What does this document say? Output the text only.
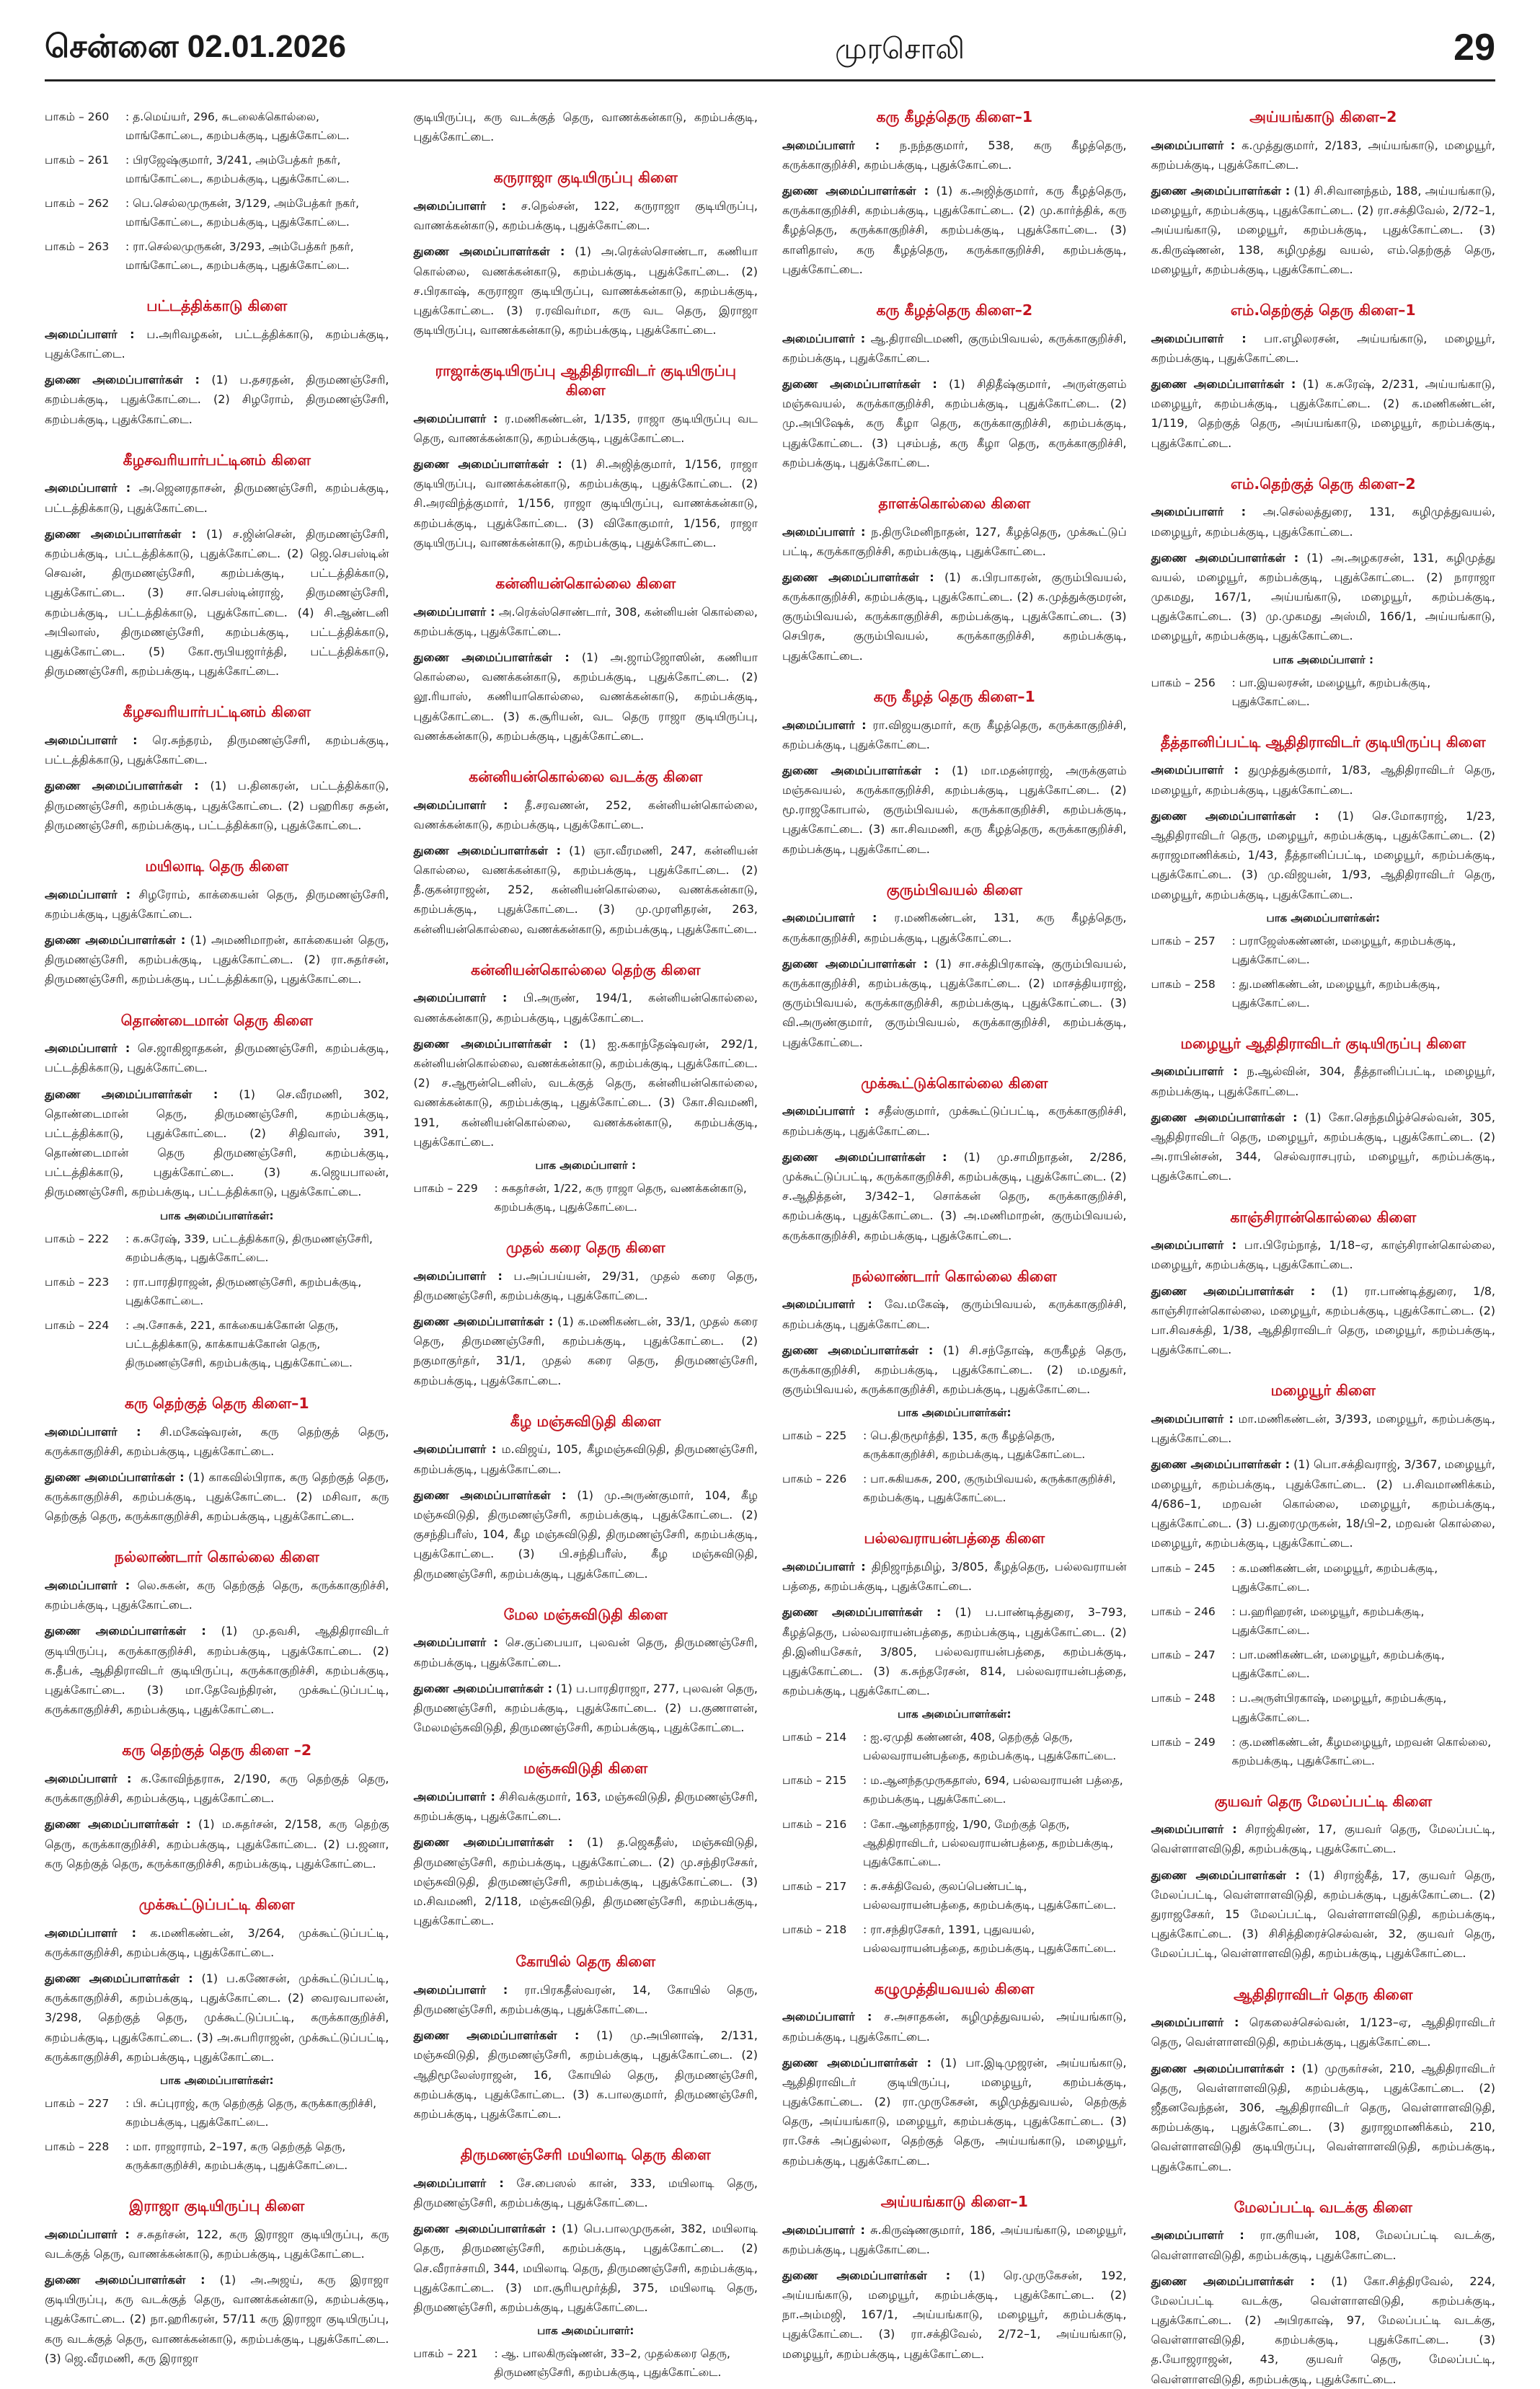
சென்னை 02.01.2026	முரசொலி	29
பாகம் – 260	: த.மெய்யர், 296, சுடலைக்கொல்லை, மாங்கோட்டை, கறம்பக்குடி, புதுக்கோட்டை.
பாகம் – 261	: பிரஜேஷ்குமார், 3/241, அம்பேத்கர் நகர், மாங்கோட்டை, கறம்பக்குடி, புதுக்கோட்டை.
பாகம் – 262	: பெ.செல்லமுருகன், 3/129, அம்பேத்கர் நகர், மாங்கோட்டை, கறம்பக்குடி, புதுக்கோட்டை.
பாகம் – 263	: ரா.செல்லமுருகன், 3/293, அம்பேத்கர் நகர், மாங்கோட்டை, கறம்பக்குடி, புதுக்கோட்டை.
பட்டத்திக்காடு கிளை

அமைப்பாளர் : ப.அரிவழகன், பட்டத்திக்காடு, கறம்பக்குடி, புதுக்கோட்டை.

துணை அமைப்பாளர்கள் : (1) ப.தசரதன், திருமணஞ்சேரி, கறம்பக்குடி, புதுக்கோட்டை. (2) சிழரோம், திருமணஞ்சேரி, கறம்பக்குடி, புதுக்கோட்டை.

கீழசவரியார்பட்டினம் கிளை

அமைப்பாளர் : அ.ஜெனரதாசன், திருமணஞ்சேரி, கறம்பக்குடி, பட்டத்திக்காடு, புதுக்கோட்டை.

துணை அமைப்பாளர்கள் : (1) ச.ஜின்சென், திருமணஞ்சேரி, கறம்பக்குடி, பட்டத்திக்காடு, புதுக்கோட்டை. (2) ஜெ.செபஸ்டின் செவன், திருமணஞ்சேரி, கறம்பக்குடி, பட்டத்திக்காடு, புதுக்கோட்டை. (3) சா.செபஸ்டின்ராஜ், திருமணஞ்சேரி, கறம்பக்குடி, பட்டத்திக்காடு, புதுக்கோட்டை. (4) சி.ஆண்டனி அபிலாஸ், திருமணஞ்சேரி, கறம்பக்குடி, பட்டத்திக்காடு, புதுக்கோட்டை. (5) கோ.ரூபியஜார்த்தி, பட்டத்திக்காடு, திருமணஞ்சேரி, கறம்பக்குடி, புதுக்கோட்டை.

கீழசவரியார்பட்டினம் கிளை

அமைப்பாளர் : ரெ.சுந்தரம், திருமணஞ்சேரி, கறம்பக்குடி, பட்டத்திக்காடு, புதுக்கோட்டை.

துணை அமைப்பாளர்கள் : (1) ப.தினகரன், பட்டத்திக்காடு, திருமணஞ்சேரி, கறம்பக்குடி, புதுக்கோட்டை. (2) பஹரிகர சுதன், திருமணஞ்சேரி, கறம்பக்குடி, பட்டத்திக்காடு, புதுக்கோட்டை.

மயிலாடி தெரு கிளை

அமைப்பாளர் : சிழரோம், காக்கையன் தெரு, திருமணஞ்சேரி, கறம்பக்குடி, புதுக்கோட்டை.

துணை அமைப்பாளர்கள் : (1) அமணிமாறன், காக்கையன் தெரு, திருமணஞ்சேரி, கறம்பக்குடி, புதுக்கோட்டை. (2) ரா.சுதர்சன், திருமணஞ்சேரி, கறம்பக்குடி, பட்டத்திக்காடு, புதுக்கோட்டை.

தொண்டைமான் தெரு கிளை

அமைப்பாளர் : செ.ஜாகிஜாதகன், திருமணஞ்சேரி, கறம்பக்குடி, பட்டத்திக்காடு, புதுக்கோட்டை.

துணை அமைப்பாளர்கள் : (1) செ.வீரமணி, 302, தொண்டைமான் தெரு, திருமணஞ்சேரி, கறம்பக்குடி, பட்டத்திக்காடு, புதுக்கோட்டை. (2) சிதிவாஸ், 391, தொண்டைமான் தெரு திருமணஞ்சேரி, கறம்பக்குடி, பட்டத்திக்காடு, புதுக்கோட்டை. (3) க.ஜெயபாலன், திருமணஞ்சேரி, கறம்பக்குடி, பட்டத்திக்காடு, புதுக்கோட்டை.

பாக அமைப்பாளர்கள்:
பாகம் – 222	: க.சுரேஷ், 339, பட்டத்திக்காடு, திருமணஞ்சேரி, கறம்பக்குடி, புதுக்கோட்டை.
பாகம் – 223	: ரா.பாரதிராஜன், திருமணஞ்சேரி, கறம்பக்குடி, புதுக்கோட்டை.
பாகம் – 224	: அ.சோசுக், 221, காக்கையக்கோன் தெரு, பட்டத்திக்காடு, காக்காயக்கோன் தெரு, திருமணஞ்சேரி, கறம்பக்குடி, புதுக்கோட்டை.
கரு தெற்குத் தெரு கிளை–1

அமைப்பாளர் : சி.மகேஷ்வரன், கரு தெற்குத் தெரு, கருக்காகுறிச்சி, கறம்பக்குடி, புதுக்கோட்டை.

துணை அமைப்பாளர்கள் : (1) காகவில்பிராக, கரு தெற்குத் தெரு, கருக்காகுறிச்சி, கறம்பக்குடி, புதுக்கோட்டை. (2) மசிவா, கரு தெற்குத் தெரு, கருக்காகுறிச்சி, கறம்பக்குடி, புதுக்கோட்டை.

நல்லாண்டார் கொல்லை கிளை

அமைப்பாளர் : லெ.சுகன், கரு தெற்குத் தெரு, கருக்காகுறிச்சி, கறம்பக்குடி, புதுக்கோட்டை.

துணை அமைப்பாளர்கள் : (1) மு.தவசி, ஆதிதிராவிடர் குடியிருப்பு, கருக்காகுறிச்சி, கறம்பக்குடி, புதுக்கோட்டை. (2) க.தீபக், ஆதிதிராவிடர் குடியிருப்பு, கருக்காகுறிச்சி, கறம்பக்குடி, புதுக்கோட்டை. (3) மா.தேவேந்திரன், முக்கூட்டுப்பட்டி, கருக்காகுறிச்சி, கறம்பக்குடி, புதுக்கோட்டை.

கரு தெற்குத் தெரு கிளை –2

அமைப்பாளர் : க.கோவிந்தராசு, 2/190, கரு தெற்குத் தெரு, கருக்காகுறிச்சி, கறம்பக்குடி, புதுக்கோட்டை.

துணை அமைப்பாளர்கள் : (1) ம.சுதர்சன், 2/158, கரு தெற்கு தெரு, கருக்காகுறிச்சி, கறம்பக்குடி, புதுக்கோட்டை. (2) ப.ஜனா, கரு தெற்குத் தெரு, கருக்காகுறிச்சி, கறம்பக்குடி, புதுக்கோட்டை.

முக்கூட்டுப்பட்டி கிளை

அமைப்பாளர் : க.மணிகண்டன், 3/264, முக்கூட்டுப்பட்டி, கருக்காகுறிச்சி, கறம்பக்குடி, புதுக்கோட்டை.

துணை அமைப்பாளர்கள் : (1) ப.கணேசன், முக்கூட்டுப்பட்டி, கருக்காகுறிச்சி, கறம்பக்குடி, புதுக்கோட்டை. (2) வைரவபாலன், 3/298, தெற்குத் தெரு, முக்கூட்டுப்பட்டி, கருக்காகுறிச்சி, கறம்பக்குடி, புதுக்கோட்டை. (3) அ.சுபரிராஜன், முக்கூட்டுப்பட்டி, கருக்காகுறிச்சி, கறம்பக்குடி, புதுக்கோட்டை.

பாக அமைப்பாளர்கள்:
பாகம் – 227	: பி. சுப்புராஜ், கரு தெற்குத் தெரு, கருக்காகுறிச்சி, கறம்பக்குடி, புதுக்கோட்டை.
பாகம் – 228	: மா. ராஜாராம், 2–197, கரு தெற்குத் தெரு, கருக்காகுறிச்சி, கறம்பக்குடி, புதுக்கோட்டை.
இராஜா குடியிருப்பு கிளை

அமைப்பாளர் : ச.சுதர்சன், 122, கரு இராஜா குடியிருப்பு, கரு வடக்குத் தெரு, வாணக்கன்காடு, கறம்பக்குடி, புதுக்கோட்டை.

துணை அமைப்பாளர்கள் : (1) அ.அஜய், கரு இராஜா குடியிருப்பு, கரு வடக்குத் தெரு, வாணக்கன்காடு, கறம்பக்குடி, புதுக்கோட்டை. (2) நா.ஹரிகரன், 57/11 கரு இராஜா குடியிருப்பு, கரு வடக்குத் தெரு, வாணக்கன்காடு, கறம்பக்குடி, புதுக்கோட்டை. (3) ஜெ.வீரமணி, கரு இராஜா

குடியிருப்பு, கரு வடக்குத் தெரு, வாணக்கன்காடு, கறம்பக்குடி, புதுக்கோட்டை.

கருராஜா குடியிருப்பு கிளை

அமைப்பாளர் : ச.நெல்சன், 122, கருராஜா குடியிருப்பு, வாணக்கன்காடு, கறம்பக்குடி, புதுக்கோட்டை.

துணை அமைப்பாளர்கள் : (1) அ.ரெக்ஸ்சொண்டா, கணியா கொல்லை, வணக்கன்காடு, கறம்பக்குடி, புதுக்கோட்டை. (2) ச.பிரகாஷ், கருராஜா குடியிருப்பு, வாணக்கன்காடு, கறம்பக்குடி, புதுக்கோட்டை. (3) ர.ரவிவர்மா, கரு வட தெரு, இராஜா குடியிருப்பு, வாணக்கன்காடு, கறம்பக்குடி, புதுக்கோட்டை.

ராஜாக்குடியிருப்பு ஆதிதிராவிடர் குடியிருப்பு கிளை

அமைப்பாளர் : ர.மணிகண்டன், 1/135, ராஜா குடியிருப்பு வட தெரு, வாணக்கன்காடு, கறம்பக்குடி, புதுக்கோட்டை.

துணை அமைப்பாளர்கள் : (1) சி.அஜித்குமார், 1/156, ராஜா குடியிருப்பு, வாணக்கன்காடு, கறம்பக்குடி, புதுக்கோட்டை. (2) சி.அரவிந்த்குமார், 1/156, ராஜா குடியிருப்பு, வாணக்கன்காடு, கறம்பக்குடி, புதுக்கோட்டை. (3) விகோகுமார், 1/156, ராஜா குடியிருப்பு, வாணக்கன்காடு, கறம்பக்குடி, புதுக்கோட்டை.

கன்னியன்கொல்லை கிளை

அமைப்பாளர் : அ.ரெக்ஸ்சொண்டார், 308, கன்னியன் கொல்லை, கறம்பக்குடி, புதுக்கோட்டை.

துணை அமைப்பாளர்கள் : (1) அ.ஜாம்ஜோஸின், கணியா கொல்லை, வணக்கன்காடு, கறம்பக்குடி, புதுக்கோட்டை. (2) லூ.ரியாஸ், கணியாகொல்லை, வணக்கன்காடு, கறம்பக்குடி, புதுக்கோட்டை. (3) க.சூரியன், வட தெரு ராஜா குடியிருப்பு, வணக்கன்காடு, கறம்பக்குடி, புதுக்கோட்டை.

கன்னியன்கொல்லை வடக்கு கிளை

அமைப்பாளர் : தீ.சரவணன், 252, கன்னியன்கொல்லை, வணக்கன்காடு, கறம்பக்குடி, புதுக்கோட்டை.

துணை அமைப்பாளர்கள் : (1) ஞா.வீரமணி, 247, கன்னியன் கொல்லை, வணக்கன்காடு, கறம்பக்குடி, புதுக்கோட்டை. (2) தீ.குகன்ராஜன், 252, கன்னியன்கொல்லை, வணக்கன்காடு, கறம்பக்குடி, புதுக்கோட்டை. (3) மு.முரளிதரன், 263, கன்னியன்கொல்லை, வணக்கன்காடு, கறம்பக்குடி, புதுக்கோட்டை.

கன்னியன்கொல்லை தெற்கு கிளை

அமைப்பாளர் : பி.அருண், 194/1, கன்னியன்கொல்லை, வணக்கன்காடு, கறம்பக்குடி, புதுக்கோட்டை.

துணை அமைப்பாளர்கள் : (1) ஐ.சுகாந்தேஷ்வரன், 292/1, கன்னியன்கொல்லை, வணக்கன்காடு, கறம்பக்குடி, புதுக்கோட்டை. (2) ச.ஆரூன்டெனிஸ், வடக்குத் தெரு, கன்னியன்கொல்லை, வணக்கன்காடு, கறம்பக்குடி, புதுக்கோட்டை. (3) கோ.சிவமணி, 191, கன்னியன்கொல்லை, வணக்கன்காடு, கறம்பக்குடி, புதுக்கோட்டை.

பாக அமைப்பாளர் :
பாகம் – 229	: சுகதர்சன், 1/22, கரு ராஜா தெரு, வணக்கன்காடு, கறம்பக்குடி, புதுக்கோட்டை.
முதல் கரை தெரு கிளை

அமைப்பாளர் : ப.அப்பய்யன், 29/31, முதல் கரை தெரு, திருமணஞ்சேரி, கறம்பக்குடி, புதுக்கோட்டை.

துணை அமைப்பாளர்கள் : (1) க.மணிகண்டன், 33/1, முதல் கரை தெரு, திருமணஞ்சேரி, கறம்பக்குடி, புதுக்கோட்டை. (2) நகுமாகுர்தர், 31/1, முதல் கரை தெரு, திருமணஞ்சேரி, கறம்பக்குடி, புதுக்கோட்டை.

கீழ மஞ்சுவிடுதி கிளை

அமைப்பாளர் : ம.விஜய், 105, கீழமஞ்சுவிடுதி, திருமணஞ்சேரி, கறம்பக்குடி, புதுக்கோட்டை.

துணை அமைப்பாளர்கள் : (1) மு.அருண்குமார், 104, கீழ மஞ்சுவிடுதி, திருமணஞ்சேரி, கறம்பக்குடி, புதுக்கோட்டை. (2) குசந்திபரீஸ், 104, கீழ மஞ்சுவிடுதி, திருமணஞ்சேரி, கறம்பக்குடி, புதுக்கோட்டை. (3) பி.சந்திபரீஸ், கீழ மஞ்சுவிடுதி, திருமணஞ்சேரி, கறம்பக்குடி, புதுக்கோட்டை.

மேல மஞ்சுவிடுதி கிளை

அமைப்பாளர் : செ.குப்பையா, புலவன் தெரு, திருமணஞ்சேரி, கறம்பக்குடி, புதுக்கோட்டை.

துணை அமைப்பாளர்கள் : (1) ப.பாரதிராஜா, 277, புலவன் தெரு, திருமணஞ்சேரி, கறம்பக்குடி, புதுக்கோட்டை. (2) ப.குணாளன், மேலமஞ்சுவிடுதி, திருமணஞ்சேரி, கறம்பக்குடி, புதுக்கோட்டை.

மஞ்சுவிடுதி கிளை

அமைப்பாளர் : சிசிவக்குமார், 163, மஞ்சுவிடுதி, திருமணஞ்சேரி, கறம்பக்குடி, புதுக்கோட்டை.

துணை அமைப்பாளர்கள் : (1) த.ஜெகதீஸ், மஞ்சுவிடுதி, திருமணஞ்சேரி, கறம்பக்குடி, புதுக்கோட்டை. (2) மு.சந்திரசேகர், மஞ்சுவிடுதி, திருமணஞ்சேரி, கறம்பக்குடி, புதுக்கோட்டை. (3) ம.சிவமணி, 2/118, மஞ்சுவிடுதி, திருமணஞ்சேரி, கறம்பக்குடி, புதுக்கோட்டை.

கோயில் தெரு கிளை

அமைப்பாளர் : ரா.பிரகதீஸ்வரன், 14, கோயில் தெரு, திருமணஞ்சேரி, கறம்பக்குடி, புதுக்கோட்டை.

துணை அமைப்பாளர்கள் : (1) மு.அபினாஷ், 2/131, மஞ்சுவிடுதி, திருமணஞ்சேரி, கறம்பக்குடி, புதுக்கோட்டை. (2) ஆதிமூலேஸ்ராஜன், 16, கோயில் தெரு, திருமணஞ்சேரி, கறம்பக்குடி, புதுக்கோட்டை. (3) க.பாலகுமார், திருமணஞ்சேரி, கறம்பக்குடி, புதுக்கோட்டை.

திருமணஞ்சேரி மயிலாடி தெரு கிளை

அமைப்பாளர் : சே.பைஸல் கான், 333, மயிலாடி தெரு, திருமணஞ்சேரி, கறம்பக்குடி, புதுக்கோட்டை.

துணை அமைப்பாளர்கள் : (1) பெ.பாலமுருகன், 382, மயிலாடி தெரு, திருமணஞ்சேரி, கறம்பக்குடி, புதுக்கோட்டை. (2) செ.வீராச்சாமி, 344, மயிலாடி தெரு, திருமணஞ்சேரி, கறம்பக்குடி, புதுக்கோட்டை. (3) மா.சூரியமூர்த்தி, 375, மயிலாடி தெரு, திருமணஞ்சேரி, கறம்பக்குடி, புதுக்கோட்டை.

பாக அமைப்பாளர்:
பாகம் – 221	: ஆ. பாலகிருஷ்ணன், 33–2, முதல்கரை தெரு, திருமணஞ்சேரி, கறம்பக்குடி, புதுக்கோட்டை.
கரு கீழத்தெரு கிளை–1

அமைப்பாளர் : ந.நந்தகுமார், 538, கரு கீழத்தெரு, கருக்காகுறிச்சி, கறம்பக்குடி, புதுக்கோட்டை.

துணை அமைப்பாளர்கள் : (1) க.அஜித்குமார், கரு கீழத்தெரு, கருக்காகுறிச்சி, கறம்பக்குடி, புதுக்கோட்டை. (2) மு.கார்த்திக், கரு கீழத்தெரு, கருக்காகுறிச்சி, கறம்பக்குடி, புதுக்கோட்டை. (3) காளிதாஸ், கரு கீழத்தெரு, கருக்காகுறிச்சி, கறம்பக்குடி, புதுக்கோட்டை.

கரு கீழத்தெரு கிளை–2

அமைப்பாளர் : ஆ.திராவிடமணி, குரும்பிவயல், கருக்காகுறிச்சி, கறம்பக்குடி, புதுக்கோட்டை.

துணை அமைப்பாளர்கள் : (1) சிதிதீஷ்குமார், அருள்குளம் மஞ்சுவயல், கருக்காகுறிச்சி, கறம்பக்குடி, புதுக்கோட்டை. (2) மு.அபிஷேக், கரு கீழா தெரு, கருக்காகுறிச்சி, கறம்பக்குடி, புதுக்கோட்டை. (3) புசம்பத், கரு கீழா தெரு, கருக்காகுறிச்சி, கறம்பக்குடி, புதுக்கோட்டை.

தாளக்கொல்லை கிளை

அமைப்பாளர் : ந.திருமேனிநாதன், 127, கீழத்தெரு, முக்கூட்டுப் பட்டி, கருக்காகுறிச்சி, கறம்பக்குடி, புதுக்கோட்டை.

துணை அமைப்பாளர்கள் : (1) க.பிரபாகரன், குரும்பிவயல், கருக்காகுறிச்சி, கறம்பக்குடி, புதுக்கோட்டை. (2) க.முத்துக்குமரன், குரும்பிவயல், கருக்காகுறிச்சி, கறம்பக்குடி, புதுக்கோட்டை. (3) செபிரசு, குரும்பிவயல், கருக்காகுறிச்சி, கறம்பக்குடி, புதுக்கோட்டை.

கரு கீழத் தெரு கிளை–1

அமைப்பாளர் : ரா.விஜயகுமார், கரு கீழத்தெரு, கருக்காகுறிச்சி, கறம்பக்குடி, புதுக்கோட்டை.

துணை அமைப்பாளர்கள் : (1) மா.மதன்ராஜ், அருக்குளம் மஞ்சுவயல், கருக்காகுறிச்சி, கறம்பக்குடி, புதுக்கோட்டை. (2) மூ.ராஜகோபால், குரும்பிவயல், கருக்காகுறிச்சி, கறம்பக்குடி, புதுக்கோட்டை. (3) கா.சிவமணி, கரு கீழத்தெரு, கருக்காகுறிச்சி, கறம்பக்குடி, புதுக்கோட்டை.

குரும்பிவயல் கிளை

அமைப்பாளர் : ர.மணிகண்டன், 131, கரு கீழத்தெரு, கருக்காகுறிச்சி, கறம்பக்குடி, புதுக்கோட்டை.

துணை அமைப்பாளர்கள் : (1) சா.சக்திபிரகாஷ், குரும்பிவயல், கருக்காகுறிச்சி, கறம்பக்குடி, புதுக்கோட்டை. (2) மாசத்தியராஜ், குரும்பிவயல், கருக்காகுறிச்சி, கறம்பக்குடி, புதுக்கோட்டை. (3) வி.அருண்குமார், குரும்பிவயல், கருக்காகுறிச்சி, கறம்பக்குடி, புதுக்கோட்டை.

முக்கூட்டுக்கொல்லை கிளை

அமைப்பாளர் : சதீஸ்குமார், முக்கூட்டுப்பட்டி, கருக்காகுறிச்சி, கறம்பக்குடி, புதுக்கோட்டை.

துணை அமைப்பாளர்கள் : (1) மு.சாமிநாதன், 2/286, முக்கூட்டுப்பட்டி, கருக்காகுறிச்சி, கறம்பக்குடி, புதுக்கோட்டை. (2) ச.ஆதித்தன், 3/342–1, சொக்கன் தெரு, கருக்காகுறிச்சி, கறம்பக்குடி, புதுக்கோட்டை. (3) அ.மணிமாறன், குரும்பிவயல், கருக்காகுறிச்சி, கறம்பக்குடி, புதுக்கோட்டை.

நல்லாண்டார் கொல்லை கிளை

அமைப்பாளர் : வே.மகேஷ், குரும்பிவயல், கருக்காகுறிச்சி, கறம்பக்குடி, புதுக்கோட்டை.

துணை அமைப்பாளர்கள் : (1) சி.சந்தோஷ், கருகீழத் தெரு, கருக்காகுறிச்சி, கறம்பக்குடி, புதுக்கோட்டை. (2) ம.மதுகர், குரும்பிவயல், கருக்காகுறிச்சி, கறம்பக்குடி, புதுக்கோட்டை.

பாக அமைப்பாளர்கள்:
பாகம் – 225	: பெ.திருமூர்த்தி, 135, கரு கீழத்தெரு, கருக்காகுறிச்சி, கறம்பக்குடி, புதுக்கோட்டை.
பாகம் – 226	: பா.சுகியசுசு, 200, குரும்பிவயல், கருக்காகுறிச்சி, கறம்பக்குடி, புதுக்கோட்டை.
பல்லவராயன்பத்தை கிளை

அமைப்பாளர் : திநிஜாந்தமிழ், 3/805, கீழத்தெரு, பல்லவராயன் பத்தை, கறம்பக்குடி, புதுக்கோட்டை.

துணை அமைப்பாளர்கள் : (1) ப.பாண்டித்துரை, 3–793, கீழத்தெரு, பல்லவராயன்பத்தை, கறம்பக்குடி, புதுக்கோட்டை. (2) தி.இனியசேகர், 3/805, பல்லவராயன்பத்தை, கறம்பக்குடி, புதுக்கோட்டை. (3) க.சுந்தரேசன், 814, பல்லவராயன்பத்தை, கறம்பக்குடி, புதுக்கோட்டை.

பாக அமைப்பாளர்கள்:
பாகம் – 214	: ஐ.ஏமுதி கண்ணன், 408, தெற்குத் தெரு, பல்லவராயன்பத்தை, கறம்பக்குடி, புதுக்கோட்டை.
பாகம் – 215	: ம.ஆனந்தமுருகதாஸ், 694, பல்லவராயன் பத்தை, கறம்பக்குடி, புதுக்கோட்டை.
பாகம் – 216	: கோ.ஆனந்தராஜ், 1/90, மேற்குத் தெரு, ஆதிதிராவிடர், பல்லவராயன்பத்தை, கறம்பக்குடி, புதுக்கோட்டை.
பாகம் – 217	: சு.சக்திவேல், குலப்பெண்பட்டி, பல்லவராயன்பத்தை, கறம்பக்குடி, புதுக்கோட்டை.
பாகம் – 218	: ரா.சந்திரசேகர், 1391, புதுவயல், பல்லவராயன்பத்தை, கறம்பக்குடி, புதுக்கோட்டை.
கழுமுத்தியவயல் கிளை

அமைப்பாளர் : ச.அசாதகன், கழிமுத்துவயல், அய்யங்காடு, கறம்பக்குடி, புதுக்கோட்டை.

துணை அமைப்பாளர்கள் : (1) பா.இடிமுஜரன், அய்யங்காடு, ஆதிதிராவிடர் குடியிருப்பு, மழையூர், கறம்பக்குடி, புதுக்கோட்டை. (2) ரா.முருகேசன், கழிமுத்துவயல், தெற்குத் தெரு, அய்யங்காடு, மழையூர், கறம்பக்குடி, புதுக்கோட்டை. (3) ரா.சேக் அப்துல்லா, தெற்குத் தெரு, அய்யங்காடு, மழையூர், கறம்பக்குடி, புதுக்கோட்டை.

அய்யங்காடு கிளை–1

அமைப்பாளர் : சு.கிருஷ்ணகுமார், 186, அய்யங்காடு, மழையூர், கறம்பக்குடி, புதுக்கோட்டை.

துணை அமைப்பாளர்கள் : (1) ரெ.முருகேசன், 192, அய்யங்காடு, மழையூர், கறம்பக்குடி, புதுக்கோட்டை. (2) நா.அம்மஜி, 167/1, அய்யங்காடு, மழையூர், கறம்பக்குடி, புதுக்கோட்டை. (3) ரா.சக்திவேல், 2/72–1, அய்யங்காடு, மழையூர், கறம்பக்குடி, புதுக்கோட்டை.

அய்யங்காடு கிளை–2

அமைப்பாளர் : க.முத்துகுமார், 2/183, அய்யங்காடு, மழையூர், கறம்பக்குடி, புதுக்கோட்டை.

துணை அமைப்பாளர்கள் : (1) சி.சிவானந்தம், 188, அய்யங்காடு, மழையூர், கறம்பக்குடி, புதுக்கோட்டை. (2) ரா.சக்திவேல், 2/72–1, அய்யங்காடு, மழையூர், கறம்பக்குடி, புதுக்கோட்டை. (3) க.கிருஷ்ணன், 138, கழிமுத்து வயல், எம்.தெற்குத் தெரு, மழையூர், கறம்பக்குடி, புதுக்கோட்டை.

எம்.தெற்குத் தெரு கிளை–1

அமைப்பாளர் : பா.எழிலரசன், அய்யங்காடு, மழையூர், கறம்பக்குடி, புதுக்கோட்டை.

துணை அமைப்பாளர்கள் : (1) க.சுரேஷ், 2/231, அய்யங்காடு, மழையூர், கறம்பக்குடி, புதுக்கோட்டை. (2) க.மணிகண்டன், 1/119, தெற்குத் தெரு, அய்யங்காடு, மழையூர், கறம்பக்குடி, புதுக்கோட்டை.

எம்.தெற்குத் தெரு கிளை–2

அமைப்பாளர் : அ.செல்லத்துரை, 131, கழிமுத்துவயல், மழையூர், கறம்பக்குடி, புதுக்கோட்டை.

துணை அமைப்பாளர்கள் : (1) அ.அழகரசன், 131, கழிமுத்து வயல், மழையூர், கறம்பக்குடி, புதுக்கோட்டை. (2) நாராஜா முகமது, 167/1, அய்யங்காடு, மழையூர், கறம்பக்குடி, புதுக்கோட்டை. (3) மு.முகமது அஸ்மி, 166/1, அய்யங்காடு, மழையூர், கறம்பக்குடி, புதுக்கோட்டை.

பாக அமைப்பாளர் :
பாகம் – 256	: பா.இயலரசன், மழையூர், கறம்பக்குடி, புதுக்கோட்டை.
தீத்தானிப்பட்டி ஆதிதிராவிடர் குடியிருப்பு கிளை

அமைப்பாளர் : துமுத்துக்குமார், 1/83, ஆதிதிராவிடர் தெரு, மழையூர், கறம்பக்குடி, புதுக்கோட்டை.

துணை அமைப்பாளர்கள் : (1) செ.மோகராஜ், 1/23, ஆதிதிராவிடர் தெரு, மழையூர், கறம்பக்குடி, புதுக்கோட்டை. (2) சுராஜமாணிக்கம், 1/43, தீத்தானிப்பட்டி, மழையூர், கறம்பக்குடி, புதுக்கோட்டை. (3) மு.விஜயன், 1/93, ஆதிதிராவிடர் தெரு, மழையூர், கறம்பக்குடி, புதுக்கோட்டை.

பாக அமைப்பாளர்கள்:
பாகம் – 257	: பராஜேஸ்கண்ணன், மழையூர், கறம்பக்குடி, புதுக்கோட்டை.
பாகம் – 258	: து.மணிகண்டன், மழையூர், கறம்பக்குடி, புதுக்கோட்டை.
மழையூர் ஆதிதிராவிடர் குடியிருப்பு கிளை

அமைப்பாளர் : ந.ஆல்வின், 304, தீத்தானிப்பட்டி, மழையூர், கறம்பக்குடி, புதுக்கோட்டை.

துணை அமைப்பாளர்கள் : (1) கோ.செந்தமிழ்ச்செல்வன், 305, ஆதிதிராவிடர் தெரு, மழையூர், கறம்பக்குடி, புதுக்கோட்டை. (2) அ.ராபின்சன், 344, செல்வராசபுரம், மழையூர், கறம்பக்குடி, புதுக்கோட்டை.

காஞ்சிரான்கொல்லை கிளை

அமைப்பாளர் : பா.பிரேம்நாத், 1/18–ஏ, காஞ்சிரான்கொல்லை, மழையூர், கறம்பக்குடி, புதுக்கோட்டை.

துணை அமைப்பாளர்கள் : (1) ரா.பாண்டித்துரை, 1/8, காஞ்சிரான்கொல்லை, மழையூர், கறம்பக்குடி, புதுக்கோட்டை. (2) பா.சிவசக்தி, 1/38, ஆதிதிராவிடர் தெரு, மழையூர், கறம்பக்குடி, புதுக்கோட்டை.

மழையூர் கிளை

அமைப்பாளர் : மா.மணிகண்டன், 3/393, மழையூர், கறம்பக்குடி, புதுக்கோட்டை.

துணை அமைப்பாளர்கள் : (1) பொ.சக்திவராஜ், 3/367, மழையூர், மழையூர், கறம்பக்குடி, புதுக்கோட்டை. (2) ப.சிவமாணிக்கம், 4/686–1, மறவன் கொல்லை, மழையூர், கறம்பக்குடி, புதுக்கோட்டை. (3) ப.துரைமுருகன், 18/பி–2, மறவன் கொல்லை, மழையூர், கறம்பக்குடி, புதுக்கோட்டை.

பாகம் – 245	: க.மணிகண்டன், மழையூர், கறம்பக்குடி, புதுக்கோட்டை.
பாகம் – 246	: ப.ஹரிஹரன், மழையூர், கறம்பக்குடி, புதுக்கோட்டை.
பாகம் – 247	: பா.மணிகண்டன், மழையூர், கறம்பக்குடி, புதுக்கோட்டை.
பாகம் – 248	: ப.அருள்பிரகாஷ், மழையூர், கறம்பக்குடி, புதுக்கோட்டை.
பாகம் – 249	: கு.மணிகண்டன், கீழமழையூர், மறவன் கொல்லை, கறம்பக்குடி, புதுக்கோட்டை.
குயவர் தெரு மேலப்பட்டி கிளை

அமைப்பாளர் : சிராஜ்கிரண், 17, குயவர் தெரு, மேலப்பட்டி, வெள்ளாளவிடுதி, கறம்பக்குடி, புதுக்கோட்டை.

துணை அமைப்பாளர்கள் : (1) சிராஜ்கீத், 17, குயவர் தெரு, மேலப்பட்டி, வெள்ளாளவிடுதி, கறம்பக்குடி, புதுக்கோட்டை. (2) துராஜசேகர், 15 மேலப்பட்டி, வெள்ளாளவிடுதி, கறம்பக்குடி, புதுக்கோட்டை. (3) சிசித்திரைச்செல்வன், 32, குயவர் தெரு, மேலப்பட்டி, வெள்ளாளவிடுதி, கறம்பக்குடி, புதுக்கோட்டை.

ஆதிதிராவிடர் தெரு கிளை

அமைப்பாளர் : ரெகலைச்செல்வன், 1/123–ஏ, ஆதிதிராவிடர் தெரு, வெள்ளாளவிடுதி, கறம்பக்குடி, புதுக்கோட்டை.

துணை அமைப்பாளர்கள் : (1) முருகர்சன், 210, ஆதிதிராவிடர் தெரு, வெள்ளாளவிடுதி, கறம்பக்குடி, புதுக்கோட்டை. (2) ஜீதனவேந்தன், 306, ஆதிதிராவிடர் தெரு, வெள்ளாளவிடுதி, கறம்பக்குடி, புதுக்கோட்டை. (3) துராஜமாணிக்கம், 210, வெள்ளாளவிடுதி குடியிருப்பு, வெள்ளாளவிடுதி, கறம்பக்குடி, புதுக்கோட்டை.

மேலப்பட்டி வடக்கு கிளை

அமைப்பாளர் : ரா.குரியன், 108, மேலப்பட்டி வடக்கு, வெள்ளாளவிடுதி, கறம்பக்குடி, புதுக்கோட்டை.

துணை அமைப்பாளர்கள் : (1) கோ.சித்திரவேல், 224, மேலப்பட்டி வடக்கு, வெள்ளாளவிடுதி, கறம்பக்குடி, புதுக்கோட்டை. (2) அபிரகாஷ், 97, மேலப்பட்டி வடக்கு, வெள்ளாளவிடுதி, கறம்பக்குடி, புதுக்கோட்டை. (3) த.யோஜராஜன், 43, குயவர் தெரு, மேலப்பட்டி, வெள்ளாளவிடுதி, கறம்பக்குடி, புதுக்கோட்டை.
